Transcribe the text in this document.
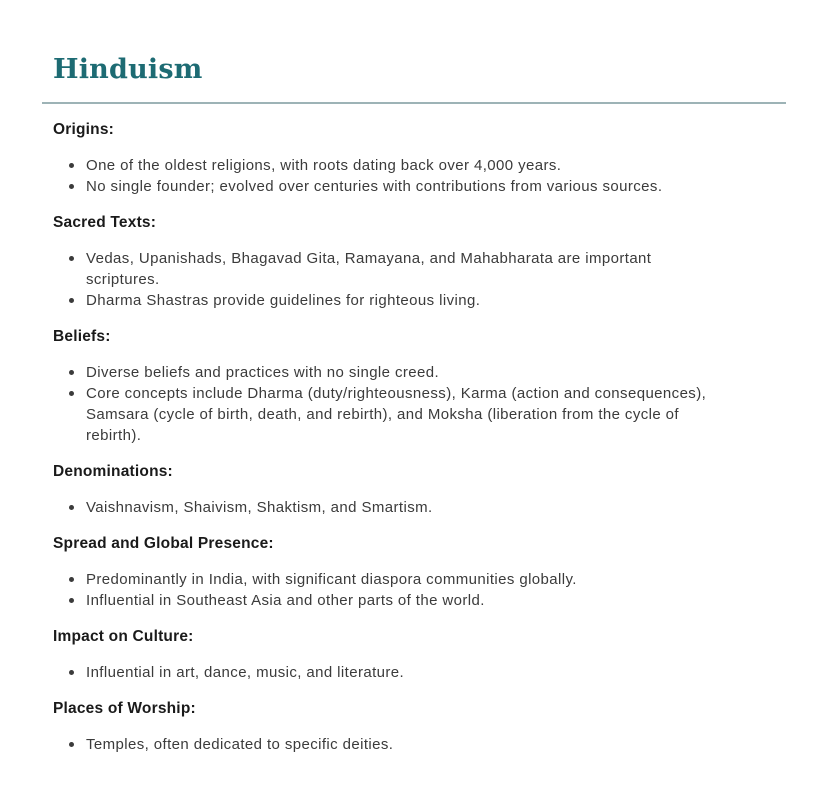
Hinduism
Origins:
One of the oldest religions, with roots dating back over 4,000 years.
No single founder; evolved over centuries with contributions from various sources.
Sacred Texts:
Vedas, Upanishads, Bhagavad Gita, Ramayana, and Mahabharata are important scriptures.
Dharma Shastras provide guidelines for righteous living.
Beliefs:
Diverse beliefs and practices with no single creed.
Core concepts include Dharma (duty/righteousness), Karma (action and consequences), Samsara (cycle of birth, death, and rebirth), and Moksha (liberation from the cycle of rebirth).
Denominations:
Vaishnavism, Shaivism, Shaktism, and Smartism.
Spread and Global Presence:
Predominantly in India, with significant diaspora communities globally.
Influential in Southeast Asia and other parts of the world.
Impact on Culture:
Influential in art, dance, music, and literature.
Places of Worship:
Temples, often dedicated to specific deities.
